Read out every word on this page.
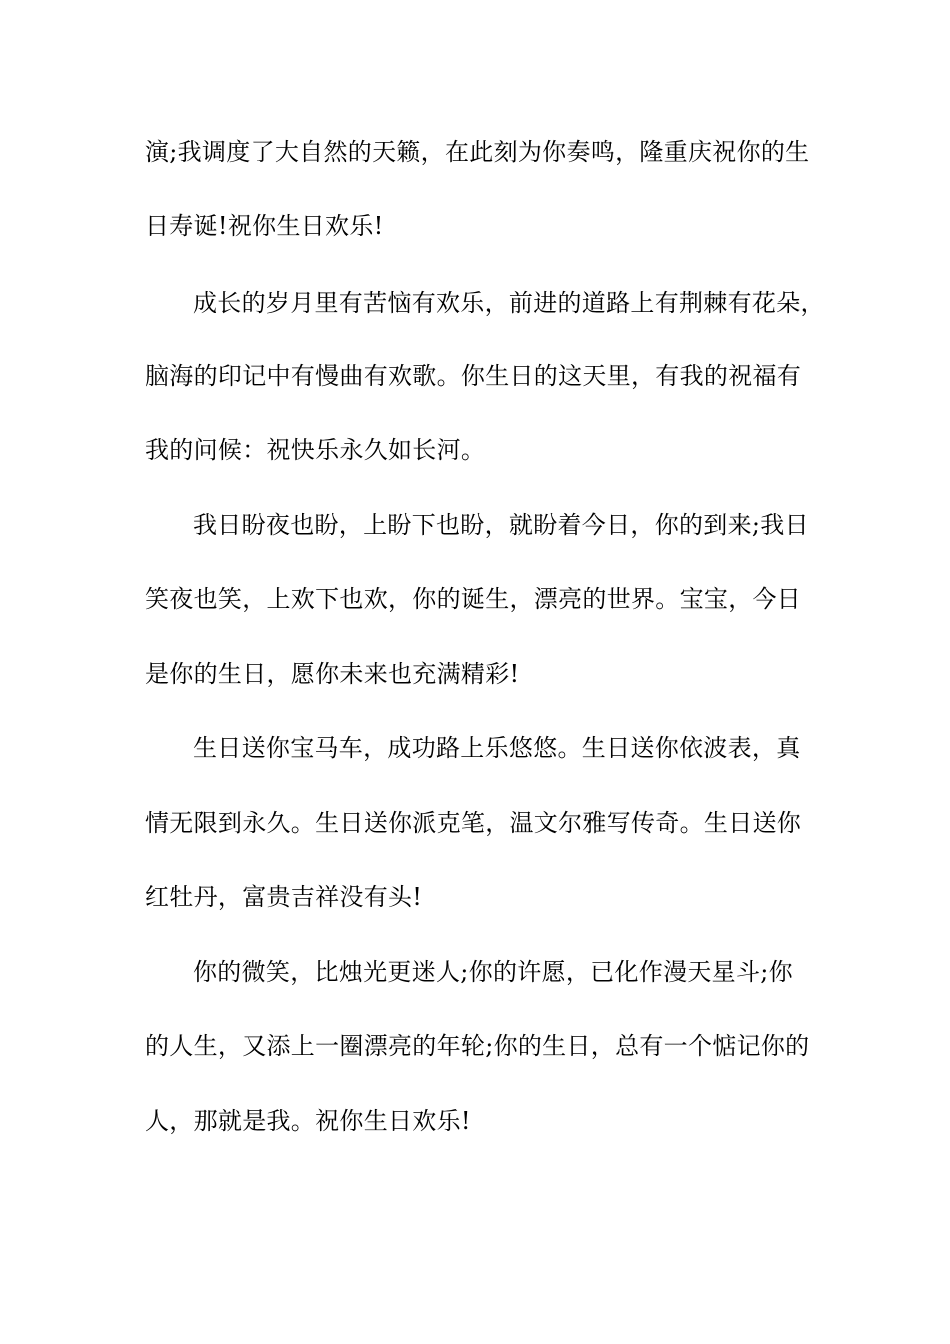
演;我调度了大自然的天籁，在此刻为你奏鸣，隆重庆祝你的生
日寿诞!祝你生日欢乐!
成长的岁月里有苦恼有欢乐，前进的道路上有荆棘有花朵，
脑海的印记中有慢曲有欢歌。你生日的这天里，有我的祝福有
我的问候：祝快乐永久如长河。
我日盼夜也盼，上盼下也盼，就盼着今日，你的到来;我日
笑夜也笑，上欢下也欢，你的诞生，漂亮的世界。宝宝，今日
是你的生日，愿你未来也充满精彩!
生日送你宝马车，成功路上乐悠悠。生日送你依波表，真
情无限到永久。生日送你派克笔，温文尔雅写传奇。生日送你
红牡丹，富贵吉祥没有头!
你的微笑，比烛光更迷人;你的许愿，已化作漫天星斗;你
的人生，又添上一圈漂亮的年轮;你的生日，总有一个惦记你的
人，那就是我。祝你生日欢乐!
